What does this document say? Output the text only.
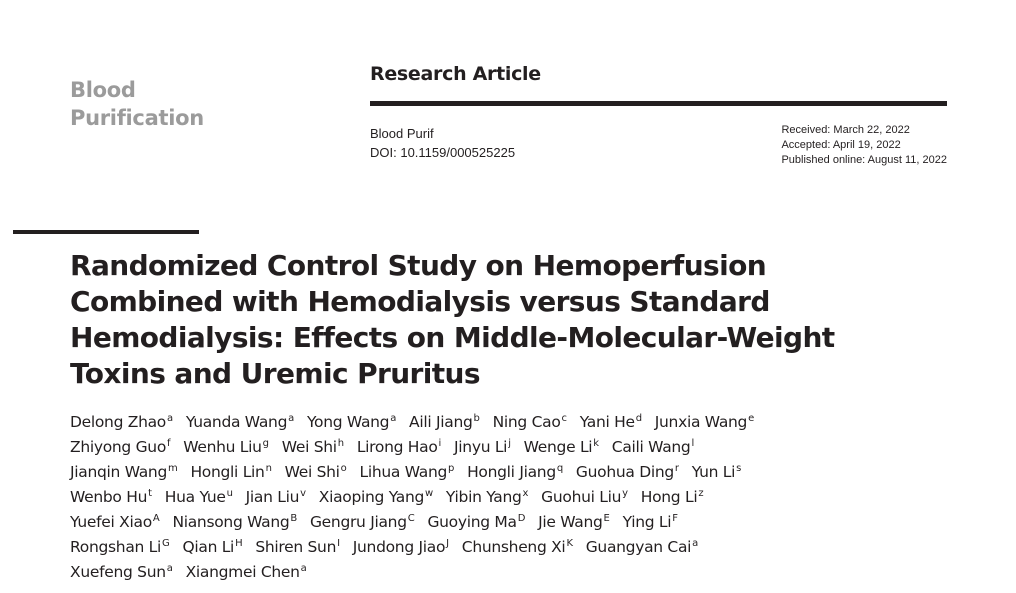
Blood
Purification
Research Article
Blood Purif
DOI: 10.1159/000525225
Received: March 22, 2022
Accepted: April 19, 2022
Published online: August 11, 2022
Randomized Control Study on Hemoperfusion
Combined with Hemodialysis versus Standard
Hemodialysis: Effects on Middle-Molecular-Weight
Toxins and Uremic Pruritus
Delong Zhao$^a$ Yuanda Wang$^a$ Yong Wang$^a$ Aili Jiang$^b$ Ning Cao$^c$ Yani He$^d$ Junxia Wang$^e$
Zhiyong Guo$^f$ Wenhu Liu$^g$ Wei Shi$^h$ Lirong Hao$^i$ Jinyu Li$^j$ Wenge Li$^k$ Caili Wang$^l$
Jianqin Wang$^m$ Hongli Lin$^n$ Wei Shi$^o$ Lihua Wang$^p$ Hongli Jiang$^q$ Guohua Ding$^r$ Yun Li$^s$
Wenbo Hu$^t$ Hua Yue$^u$ Jian Liu$^v$ Xiaoping Yang$^w$ Yibin Yang$^x$ Guohui Liu$^y$ Hong Li$^z$
Yuefei Xiao$^A$ Niansong Wang$^B$ Gengru Jiang$^C$ Guoying $Ma^D$ Jie Wang$^E$ Ying $Li^F$
Rongshan $Li^G$ Qian $Li^H$ Shiren Sun$^I$ Jundong Jiao$^J$ Chunsheng $Xi^K$ Guangyan Cai$^a$
Xuefeng Sun$^a$ Xiangmei Chen$^a$
